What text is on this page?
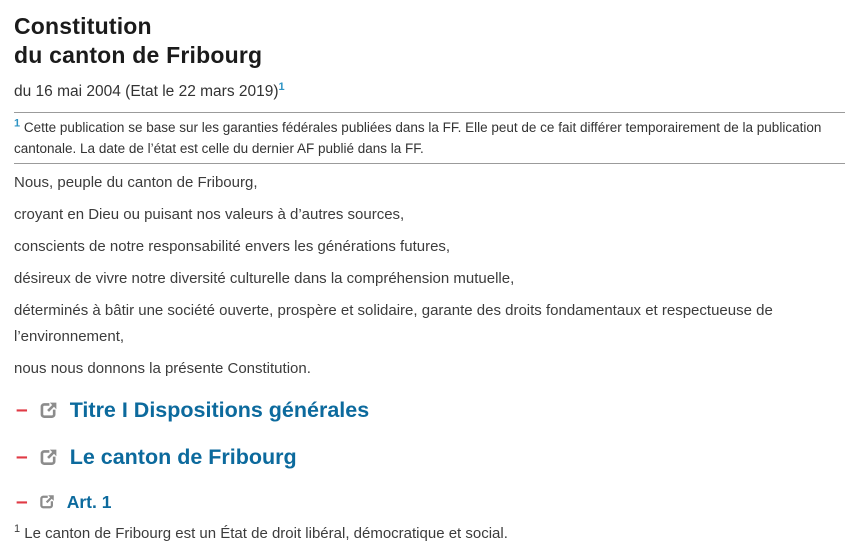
Constitution
du canton de Fribourg

du 16 mai 2004 (Etat le 22 mars 2019)$^1$

$^1$ Cette publication se base sur les garanties fédérales publiées dans la FF. Elle peut de ce fait différer temporairement de la publication cantonale. La date de l’état est celle du dernier AF publié dans la FF.

Nous, peuple du canton de Fribourg,

croyant en Dieu ou puisant nos valeurs à d’autres sources,

conscients de notre responsabilité envers les générations futures,

désireux de vivre notre diversité culturelle dans la compréhension mutuelle,

déterminés à bâtir une société ouverte, prospère et solidaire, garante des droits fondamentaux et respectueuse de l’environnement,

nous nous donnons la présente Constitution.

– Titre I Dispositions générales
– Le canton de Fribourg
– Art. 1

$^1$ Le canton de Fribourg est un État de droit libéral, démocratique et social.
